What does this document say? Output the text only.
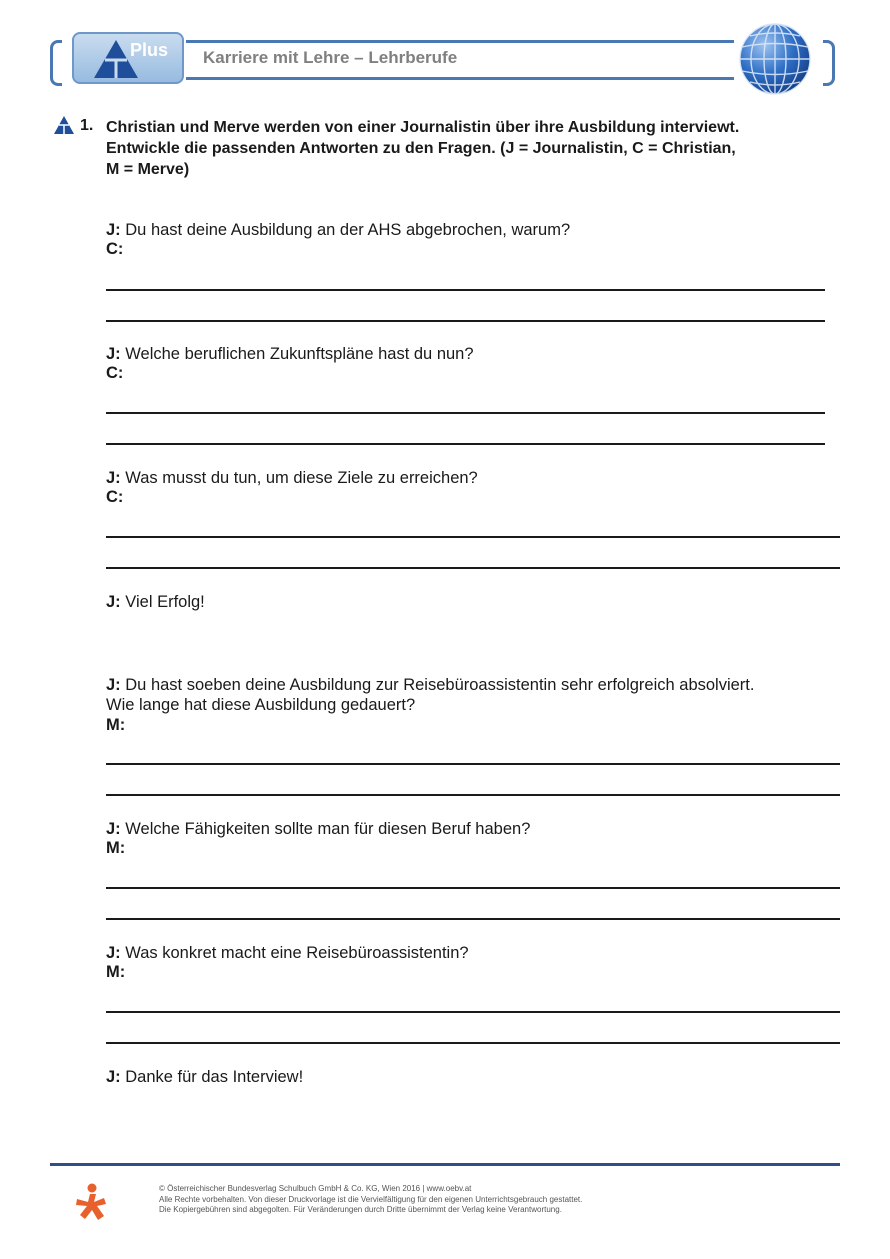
Plus Karriere mit Lehre – Lehrberufe
1. Christian und Merve werden von einer Journalistin über ihre Ausbildung interviewt.
Entwickle die passenden Antworten zu den Fragen. (J = Journalistin, C = Christian,
M = Merve)
J: Du hast deine Ausbildung an der AHS abgebrochen, warum?
C:
J: Welche beruflichen Zukunftspläne hast du nun?
C:
J: Was musst du tun, um diese Ziele zu erreichen?
C:
J: Viel Erfolg!
J: Du hast soeben deine Ausbildung zur Reisebüroassistentin sehr erfolgreich absolviert.
Wie lange hat diese Ausbildung gedauert?
M:
J: Welche Fähigkeiten sollte man für diesen Beruf haben?
M:
J: Was konkret macht eine Reisebüroassistentin?
M:
J: Danke für das Interview!
© Österreichischer Bundesverlag Schulbuch GmbH & Co. KG, Wien 2016 | www.oebv.at
Alle Rechte vorbehalten. Von dieser Druckvorlage ist die Vervielfältigung für den eigenen Unterrichtsgebrauch gestattet.
Die Kopiergebühren sind abgegolten. Für Veränderungen durch Dritte übernimmt der Verlag keine Verantwortung.
